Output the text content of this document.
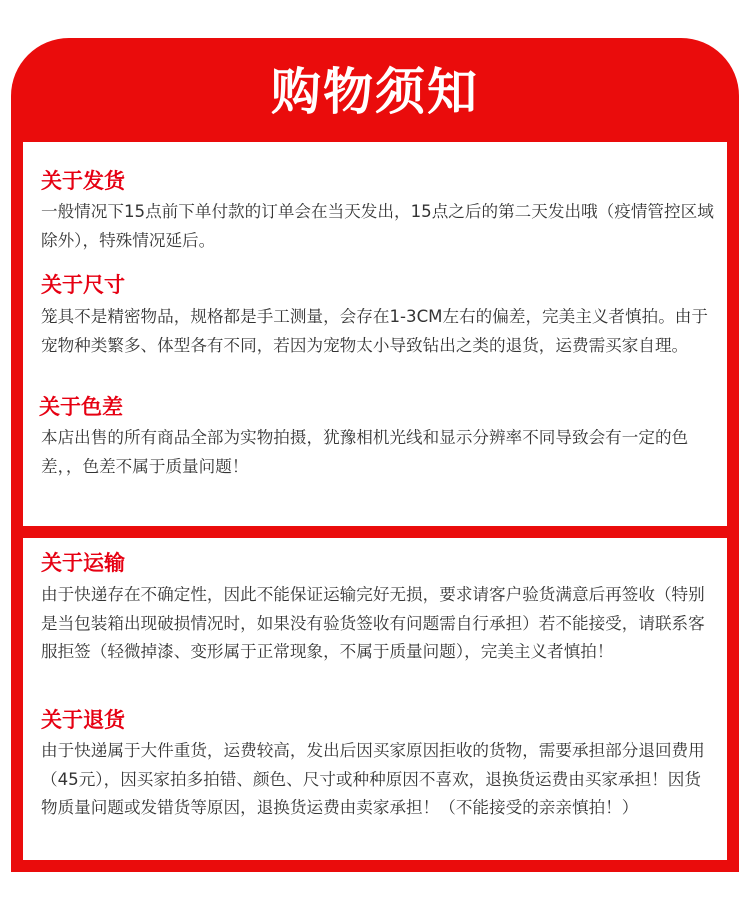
购物须知
关于发货
一般情况下15点前下单付款的订单会在当天发出，15点之后的第二天发出哦（疫情管控区域除外），特殊情况延后。
关于尺寸
笼具不是精密物品，规格都是手工测量，会存在1-3CM左右的偏差，完美主义者慎拍。由于宠物种类繁多、体型各有不同，若因为宠物太小导致钻出之类的退货，运费需买家自理。
关于色差
本店出售的所有商品全部为实物拍摄，犹豫相机光线和显示分辨率不同导致会有一定的色差，，色差不属于质量问题！
关于运输
由于快递存在不确定性，因此不能保证运输完好无损，要求请客户验货满意后再签收（特别是当包装箱出现破损情况时，如果没有验货签收有问题需自行承担）若不能接受，请联系客服拒签（轻微掉漆、变形属于正常现象，不属于质量问题），完美主义者慎拍！
关于退货
由于快递属于大件重货，运费较高，发出后因买家原因拒收的货物，需要承担部分退回费用（45元），因买家拍多拍错、颜色、尺寸或种种原因不喜欢，退换货运费由买家承担！因货物质量问题或发错货等原因，退换货运费由卖家承担！（不能接受的亲亲慎拍！）
